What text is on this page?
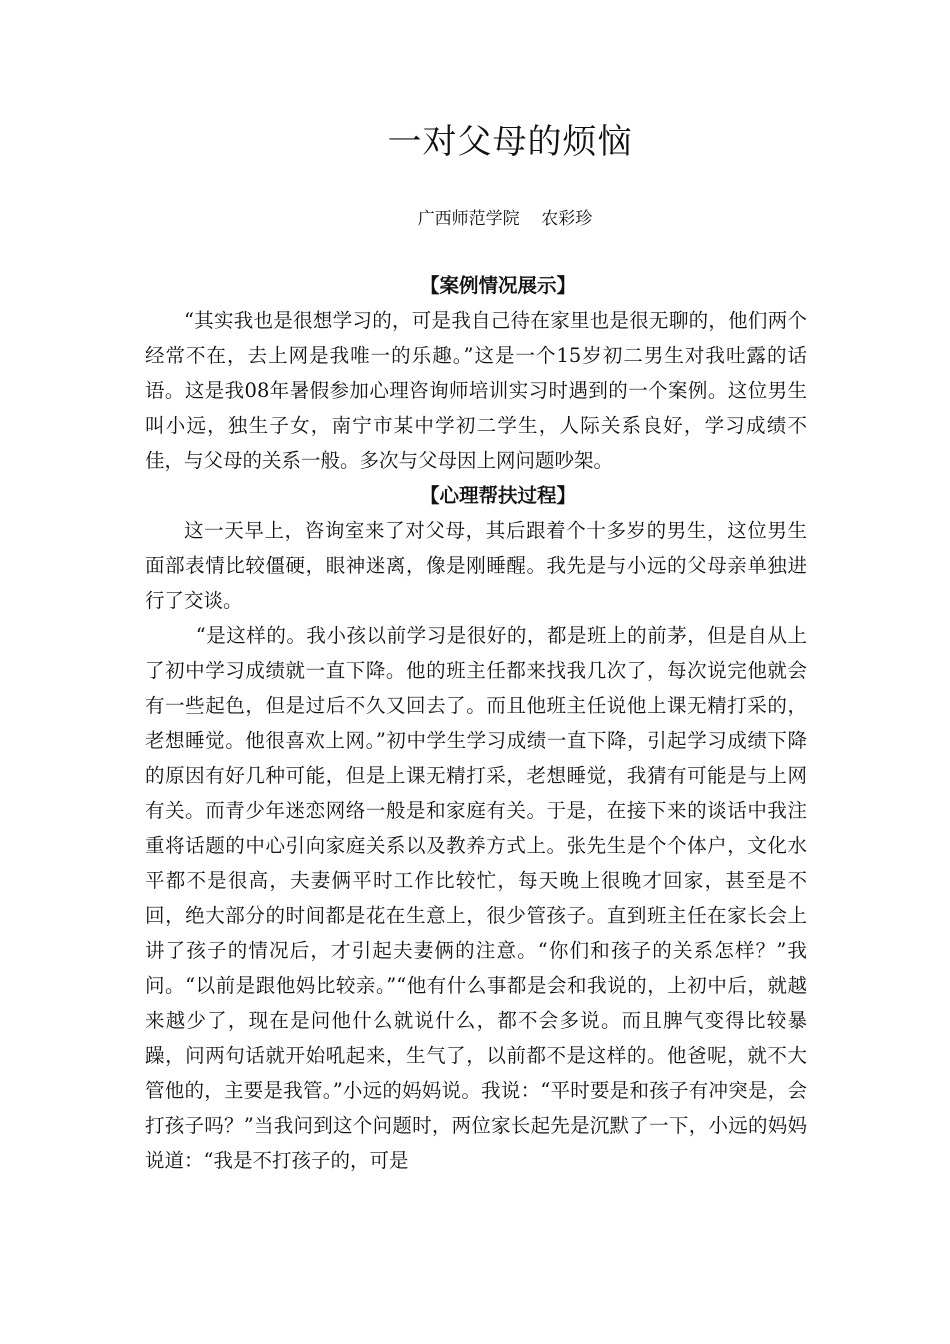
一对父母的烦恼
广西师范学院    农彩珍
【案例情况展示】

“其实我也是很想学习的，可是我自己待在家里也是很无聊的，他们两个经常不在，去上网是我唯一的乐趣。”这是一个15岁初二男生对我吐露的话语。这是我08年暑假参加心理咨询师培训实习时遇到的一个案例。这位男生叫小远，独生子女，南宁市某中学初二学生，人际关系良好，学习成绩不佳，与父母的关系一般。多次与父母因上网问题吵架。

【心理帮扶过程】

这一天早上，咨询室来了对父母，其后跟着个十多岁的男生，这位男生面部表情比较僵硬，眼神迷离，像是刚睡醒。我先是与小远的父母亲单独进行了交谈。

“是这样的。我小孩以前学习是很好的，都是班上的前茅，但是自从上了初中学习成绩就一直下降。他的班主任都来找我几次了，每次说完他就会有一些起色，但是过后不久又回去了。而且他班主任说他上课无精打采的，老想睡觉。他很喜欢上网。”初中学生学习成绩一直下降，引起学习成绩下降的原因有好几种可能，但是上课无精打采，老想睡觉，我猜有可能是与上网有关。而青少年迷恋网络一般是和家庭有关。于是，在接下来的谈话中我注重将话题的中心引向家庭关系以及教养方式上。张先生是个个体户，文化水平都不是很高，夫妻俩平时工作比较忙，每天晚上很晚才回家，甚至是不回，绝大部分的时间都是花在生意上，很少管孩子。直到班主任在家长会上讲了孩子的情况后，才引起夫妻俩的注意。“你们和孩子的关系怎样？”我问。“以前是跟他妈比较亲。”“他有什么事都是会和我说的，上初中后，就越来越少了，现在是问他什么就说什么，都不会多说。而且脾气变得比较暴躁，问两句话就开始吼起来，生气了，以前都不是这样的。他爸呢，就不大管他的，主要是我管。”小远的妈妈说。我说：“平时要是和孩子有冲突是，会打孩子吗？”当我问到这个问题时，两位家长起先是沉默了一下，小远的妈妈说道：“我是不打孩子的，可是
